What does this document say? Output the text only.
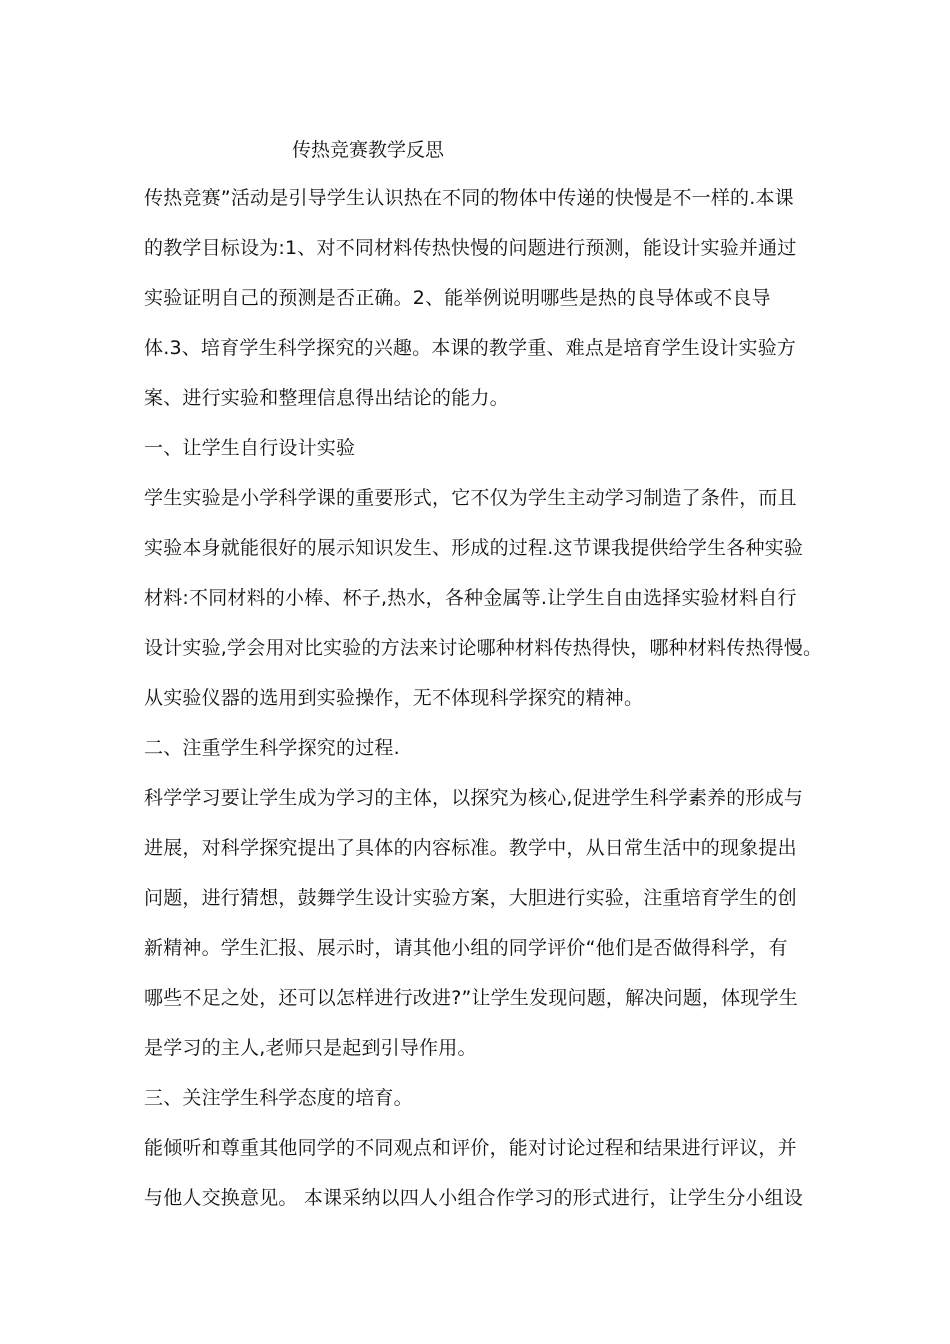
传热竞赛教学反思
传热竞赛”活动是引导学生认识热在不同的物体中传递的快慢是不一样的.本课
的教学目标设为:1、对不同材料传热快慢的问题进行预测，能设计实验并通过
实验证明自己的预测是否正确。2、能举例说明哪些是热的良导体或不良导
体.3、培育学生科学探究的兴趣。本课的教学重、难点是培育学生设计实验方
案、进行实验和整理信息得出结论的能力。
一、让学生自行设计实验
学生实验是小学科学课的重要形式，它不仅为学生主动学习制造了条件，而且
实验本身就能很好的展示知识发生、形成的过程.这节课我提供给学生各种实验
材料:不同材料的小棒、杯子,热水，各种金属等.让学生自由选择实验材料自行
设计实验,学会用对比实验的方法来讨论哪种材料传热得快，哪种材料传热得慢。
从实验仪器的选用到实验操作，无不体现科学探究的精神。
二、注重学生科学探究的过程.
科学学习要让学生成为学习的主体，以探究为核心,促进学生科学素养的形成与
进展，对科学探究提出了具体的内容标准。教学中，从日常生活中的现象提出
问题，进行猜想，鼓舞学生设计实验方案，大胆进行实验，注重培育学生的创
新精神。学生汇报、展示时，请其他小组的同学评价“他们是否做得科学，有
哪些不足之处，还可以怎样进行改进?”让学生发现问题，解决问题，体现学生
是学习的主人,老师只是起到引导作用。
三、关注学生科学态度的培育。
能倾听和尊重其他同学的不同观点和评价，能对讨论过程和结果进行评议，并
与他人交换意见。 本课采纳以四人小组合作学习的形式进行，让学生分小组设
